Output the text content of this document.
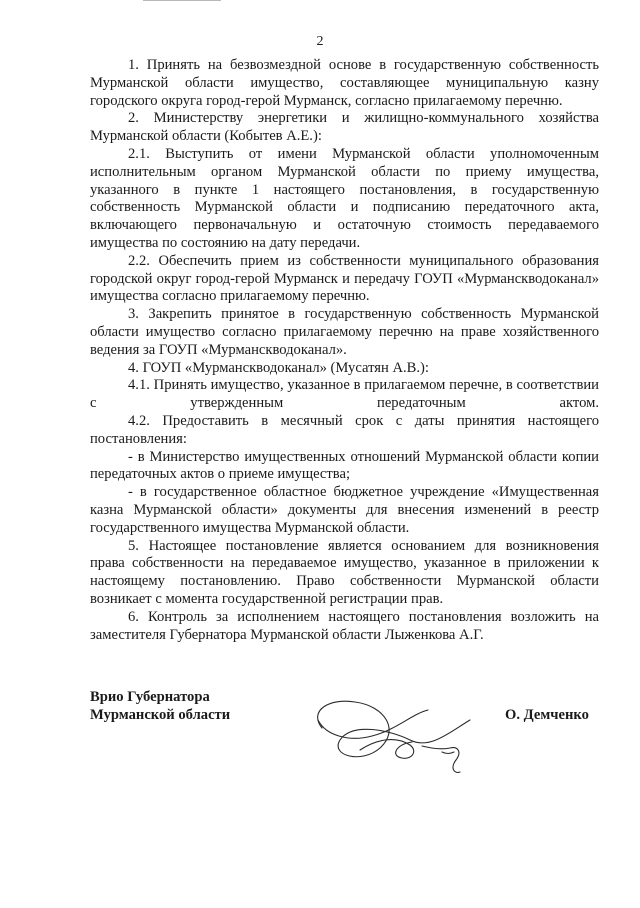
2

1. Принять на безвозмездной основе в государственную собственность Мурманской области имущество, составляющее муниципальную казну городского округа город-герой Мурманск, согласно прилагаемому перечню.

2. Министерству энергетики и жилищно-коммунального хозяйства Мурманской области (Кобытев А.Е.):

2.1. Выступить от имени Мурманской области уполномоченным исполнительным органом Мурманской области по приему имущества, указанного в пункте 1 настоящего постановления, в государственную собственность Мурманской области и подписанию передаточного акта, включающего первоначальную и остаточную стоимость передаваемого имущества по состоянию на дату передачи.

2.2. Обеспечить прием из собственности муниципального образования городской округ город-герой Мурманск и передачу ГОУП «Мурманскводоканал» имущества согласно прилагаемому перечню.

3. Закрепить принятое в государственную собственность Мурманской области имущество согласно прилагаемому перечню на праве хозяйственного ведения за ГОУП «Мурманскводоканал».

4. ГОУП «Мурманскводоканал» (Мусатян А.В.):

4.1. Принять имущество, указанное в прилагаемом перечне, в соответствии с утвержденным передаточным актом.

4.2. Предоставить в месячный срок с даты принятия настоящего постановления:

- в Министерство имущественных отношений Мурманской области копии передаточных актов о приеме имущества;

- в государственное областное бюджетное учреждение «Имущественная казна Мурманской области» документы для внесения изменений в реестр государственного имущества Мурманской области.

5. Настоящее постановление является основанием для возникновения права собственности на передаваемое имущество, указанное в приложении к настоящему постановлению. Право собственности Мурманской области возникает с момента государственной регистрации прав.

6. Контроль за исполнением настоящего постановления возложить на заместителя Губернатора Мурманской области Лыженкова А.Г.

Врио Губернатора
Мурманской области	О. Демченко
